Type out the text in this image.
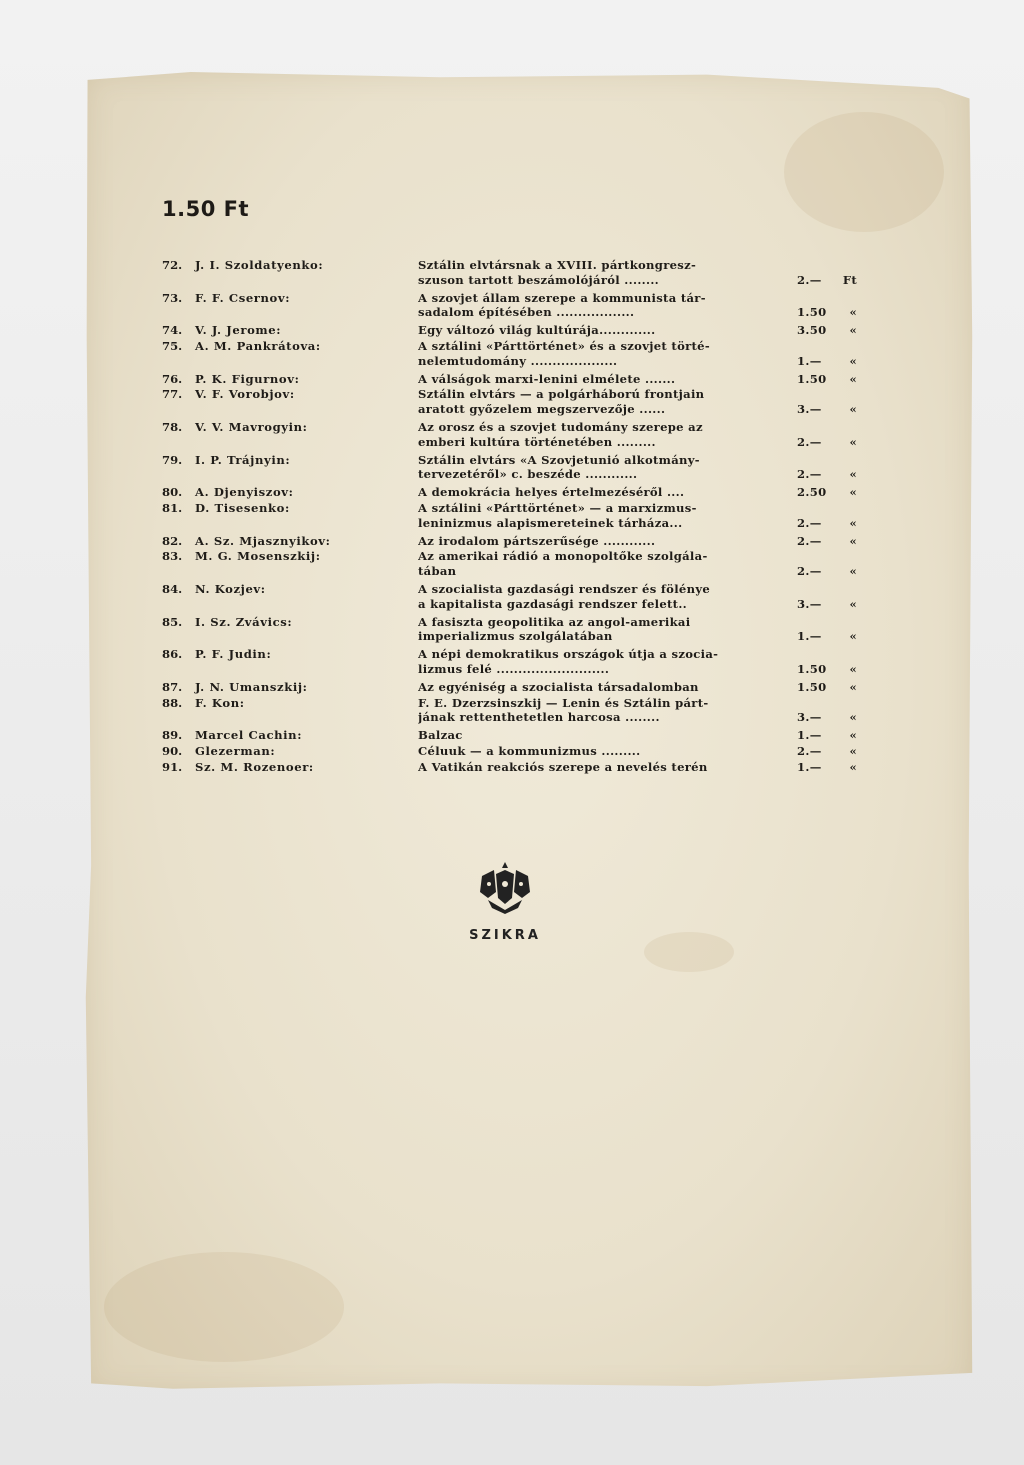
1.50 Ft
72.	J. I. Szoldatyenko:	Sztálin elvtársnak a XVIII. pártkongresz-
szuson tartott beszámolójáról ........	2.—	Ft
73.	F. F. Csernov:	A szovjet állam szerepe a kommunista tár-
sadalom építésében ..................	1.50	«
74.	V. J. Jerome:	Egy változó világ kultúrája.............	3.50	«
75.	A. M. Pankrátova:	A sztálini «Párttörténet» és a szovjet törté-
nelemtudomány ....................	1.—	«
76.	P. K. Figurnov:	A válságok marxi-lenini elmélete .......	1.50	«
77.	V. F. Vorobjov:	Sztálin elvtárs — a polgárháború frontjain
aratott győzelem megszervezője ......	3.—	«
78.	V. V. Mavrogyin:	Az orosz és a szovjet tudomány szerepe az
emberi kultúra történetében .........	2.—	«
79.	I. P. Trájnyin:	Sztálin elvtárs «A Szovjetunió alkotmány-
tervezetéről» c. beszéde ............	2.—	«
80.	A. Djenyiszov:	A demokrácia helyes értelmezéséről ....	2.50	«
81.	D. Tisesenko:	A sztálini «Párttörténet» — a marxizmus-
leninizmus alapismereteinek tárháza...	2.—	«
82.	A. Sz. Mjasznyikov:	Az irodalom pártszerűsége ............	2.—	«
83.	M. G. Mosenszkij:	Az amerikai rádió a monopoltőke szolgála-
tában	2.—	«
84.	N. Kozjev:	A szocialista gazdasági rendszer és fölénye
a kapitalista gazdasági rendszer felett..	3.—	«
85.	I. Sz. Zvávics:	A fasiszta geopolitika az angol-amerikai
imperializmus szolgálatában	1.—	«
86.	P. F. Judin:	A népi demokratikus országok útja a szocia-
lizmus felé ..........................	1.50	«
87.	J. N. Umanszkij:	Az egyéniség a szocialista társadalomban	1.50	«
88.	F. Kon:	F. E. Dzerzsinszkij — Lenin és Sztálin párt-
jának rettenthetetlen harcosa ........	3.—	«
89.	Marcel Cachin:	Balzac	1.—	«
90.	Glezerman:	Céluuk — a kommunizmus .........	2.—	«
91.	Sz. M. Rozenoer:	A Vatikán reakciós szerepe a nevelés terén	1.—	«
SZIKRA
